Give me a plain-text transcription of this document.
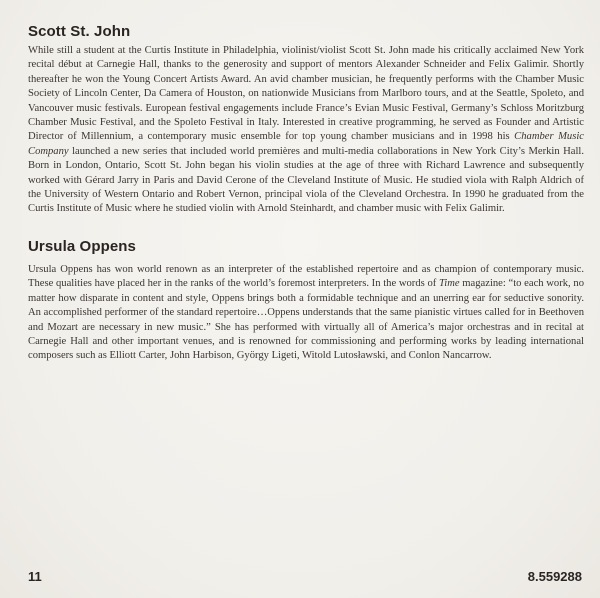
Scott St. John

While still a student at the Curtis Institute in Philadelphia, violinist/violist Scott St. John made his critically acclaimed New York recital début at Carnegie Hall, thanks to the generosity and support of mentors Alexander Schneider and Felix Galimir. Shortly thereafter he won the Young Concert Artists Award. An avid chamber musician, he frequently performs with the Chamber Music Society of Lincoln Center, Da Camera of Houston, on nationwide Musicians from Marlboro tours, and at the Seattle, Spoleto, and Vancouver music festivals. European festival engagements include France’s Evian Music Festival, Germany’s Schloss Moritzburg Chamber Music Festival, and the Spoleto Festival in Italy. Interested in creative programming, he served as Founder and Artistic Director of Millennium, a contemporary music ensemble for top young chamber musicians and in 1998 his Chamber Music Company launched a new series that included world premières and multi-media collaborations in New York City’s Merkin Hall. Born in London, Ontario, Scott St. John began his violin studies at the age of three with Richard Lawrence and subsequently worked with Gérard Jarry in Paris and David Cerone of the Cleveland Institute of Music. He studied viola with Ralph Aldrich of the University of Western Ontario and Robert Vernon, principal viola of the Cleveland Orchestra. In 1990 he graduated from the Curtis Institute of Music where he studied violin with Arnold Steinhardt, and chamber music with Felix Galimir.

Ursula Oppens

Ursula Oppens has won world renown as an interpreter of the established repertoire and as champion of contemporary music. These qualities have placed her in the ranks of the world’s foremost interpreters. In the words of Time magazine: “to each work, no matter how disparate in content and style, Oppens brings both a formidable technique and an unerring ear for seductive sonority. An accomplished performer of the standard repertoire…Oppens understands that the same pianistic virtues called for in Beethoven and Mozart are necessary in new music.” She has performed with virtually all of America’s major orchestras and in recital at Carnegie Hall and other important venues, and is renowned for commissioning and performing works by leading international composers such as Elliott Carter, John Harbison, György Ligeti, Witold Lutosławski, and Conlon Nancarrow.

11	8.559288
